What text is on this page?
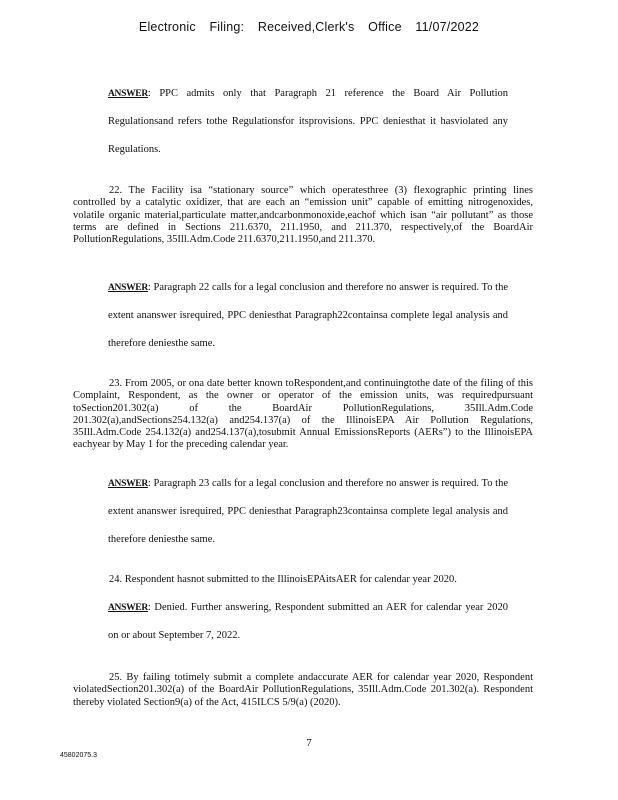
Electronic Filing: Received,Clerk's Office 11/07/2022

ANSWER: PPC admits only that Paragraph 21 reference the Board Air Pollution Regulationsand refers tothe Regulationsfor itsprovisions. PPC deniesthat it hasviolated any Regulations.

22. The Facility isa “stationary source” which operatesthree (3) flexographic printing lines controlled by a catalytic oxidizer, that are each an “emission unit” capable of emitting nitrogenoxides, volatile organic material,particulate matter,andcarbonmonoxide,eachof which isan “air pollutant” as those terms are defined in Sections 211.6370, 211.1950, and 211.370, respectively,of the BoardAir PollutionRegulations, 35Ill.Adm.Code 211.6370,211.1950,and 211.370.

ANSWER: Paragraph 22 calls for a legal conclusion and therefore no answer is required. To the extent ananswer isrequired, PPC deniesthat Paragraph22containsa complete legal analysis and therefore deniesthe same.

23. From 2005, or ona date better known toRespondent,and continuingtothe date of the filing of this Complaint, Respondent, as the owner or operator of the emission units, was requiredpursuant toSection201.302(a) of the BoardAir PollutionRegulations, 35Ill.Adm.Code 201.302(a),andSections254.132(a) and254.137(a) of the IllinoisEPA Air Pollution Regulations, 35Ill.Adm.Code 254.132(a) and254.137(a),tosubmit Annual EmissionsReports (AERs”) to the IllinoisEPA eachyear by May 1 for the preceding calendar year.

ANSWER: Paragraph 23 calls for a legal conclusion and therefore no answer is required. To the extent ananswer isrequired, PPC deniesthat Paragraph23containsa complete legal analysis and therefore deniesthe same.

24. Respondent hasnot submitted to the IllinoisEPAitsAER for calendar year 2020.

ANSWER: Denied. Further answering, Respondent submitted an AER for calendar year 2020 on or about September 7, 2022.

25. By failing totimely submit a complete andaccurate AER for calendar year 2020, Respondent violatedSection201.302(a) of the BoardAir PollutionRegulations, 35Ill.Adm.Code 201.302(a). Respondent thereby violated Section9(a) of the Act, 415ILCS 5/9(a) (2020).

7
45802075.3
